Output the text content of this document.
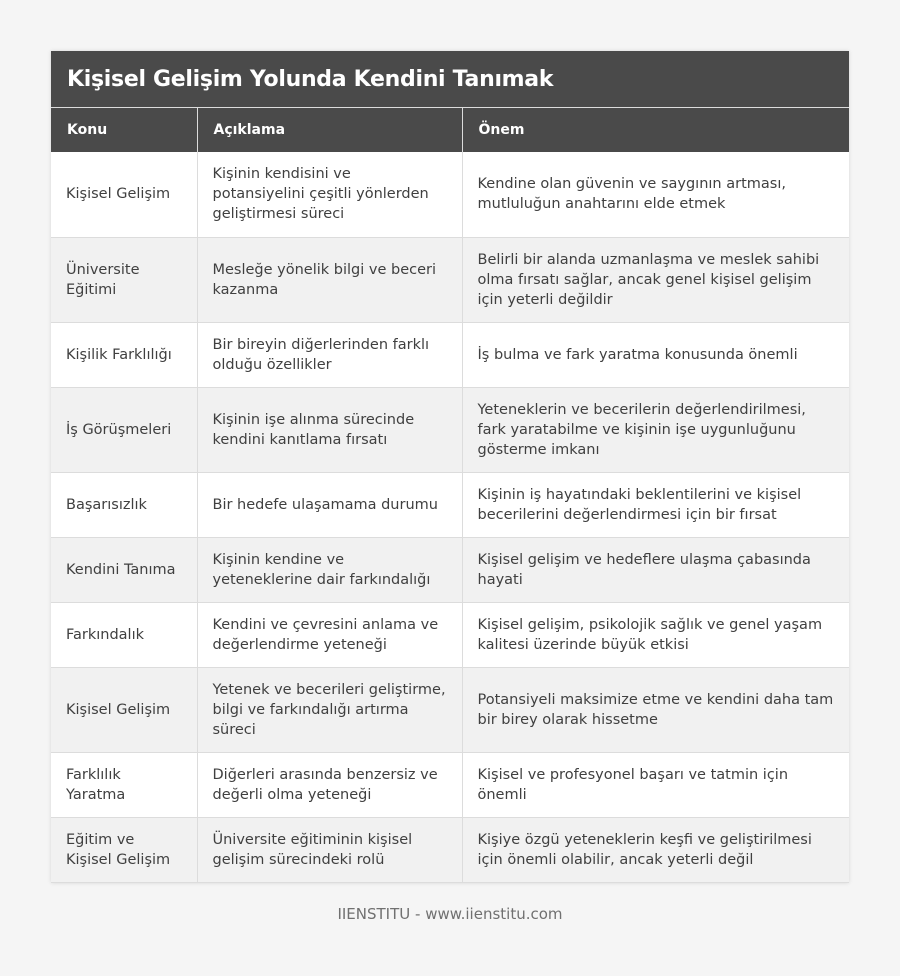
Kişisel Gelişim Yolunda Kendini Tanımak
Konu	Açıklama	Önem
Kişisel Gelişim	Kişinin kendisini ve potansiyelini çeşitli yönlerden geliştirmesi süreci	Kendine olan güvenin ve saygının artması, mutluluğun anahtarını elde etmek
Üniversite Eğitimi	Mesleğe yönelik bilgi ve beceri kazanma	Belirli bir alanda uzmanlaşma ve meslek sahibi olma fırsatı sağlar, ancak genel kişisel gelişim için yeterli değildir
Kişilik Farklılığı	Bir bireyin diğerlerinden farklı olduğu özellikler	İş bulma ve fark yaratma konusunda önemli
İş Görüşmeleri	Kişinin işe alınma sürecinde kendini kanıtlama fırsatı	Yeteneklerin ve becerilerin değerlendirilmesi, fark yaratabilme ve kişinin işe uygunluğunu gösterme imkanı
Başarısızlık	Bir hedefe ulaşamama durumu	Kişinin iş hayatındaki beklentilerini ve kişisel becerilerini değerlendirmesi için bir fırsat
Kendini Tanıma	Kişinin kendine ve yeteneklerine dair farkındalığı	Kişisel gelişim ve hedeflere ulaşma çabasında hayati
Farkındalık	Kendini ve çevresini anlama ve değerlendirme yeteneği	Kişisel gelişim, psikolojik sağlık ve genel yaşam kalitesi üzerinde büyük etkisi
Kişisel Gelişim	Yetenek ve becerileri geliştirme, bilgi ve farkındalığı artırma süreci	Potansiyeli maksimize etme ve kendini daha tam bir birey olarak hissetme
Farklılık Yaratma	Diğerleri arasında benzersiz ve değerli olma yeteneği	Kişisel ve profesyonel başarı ve tatmin için önemli
Eğitim ve Kişisel Gelişim	Üniversite eğitiminin kişisel gelişim sürecindeki rolü	Kişiye özgü yeteneklerin keşfi ve geliştirilmesi için önemli olabilir, ancak yeterli değil
IIENSTITU - www.iienstitu.com
